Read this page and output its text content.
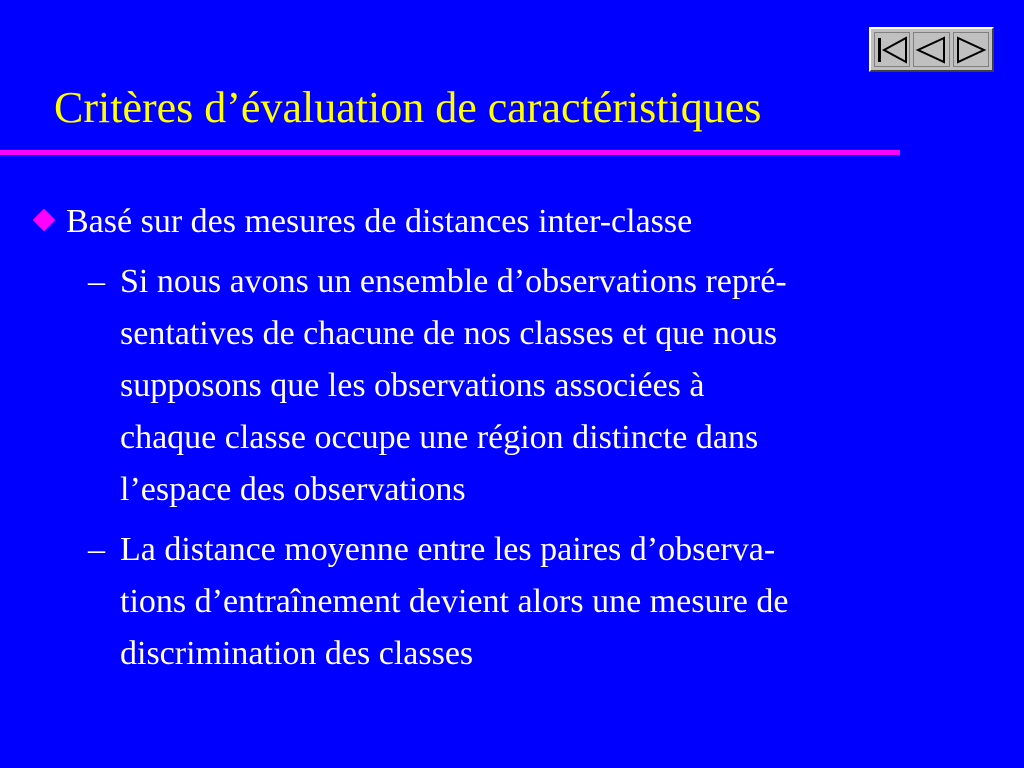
Critères d’évaluation de caractéristiques
Basé sur des mesures de distances inter-classe
– Si nous avons un ensemble d’observations repré-
sentatives de chacune de nos classes et que nous
supposons que les observations associées à
chaque classe occupe une région distincte dans
l’espace des observations
– La distance moyenne entre les paires d’observa-
tions d’entraînement devient alors une mesure de
discrimination des classes
